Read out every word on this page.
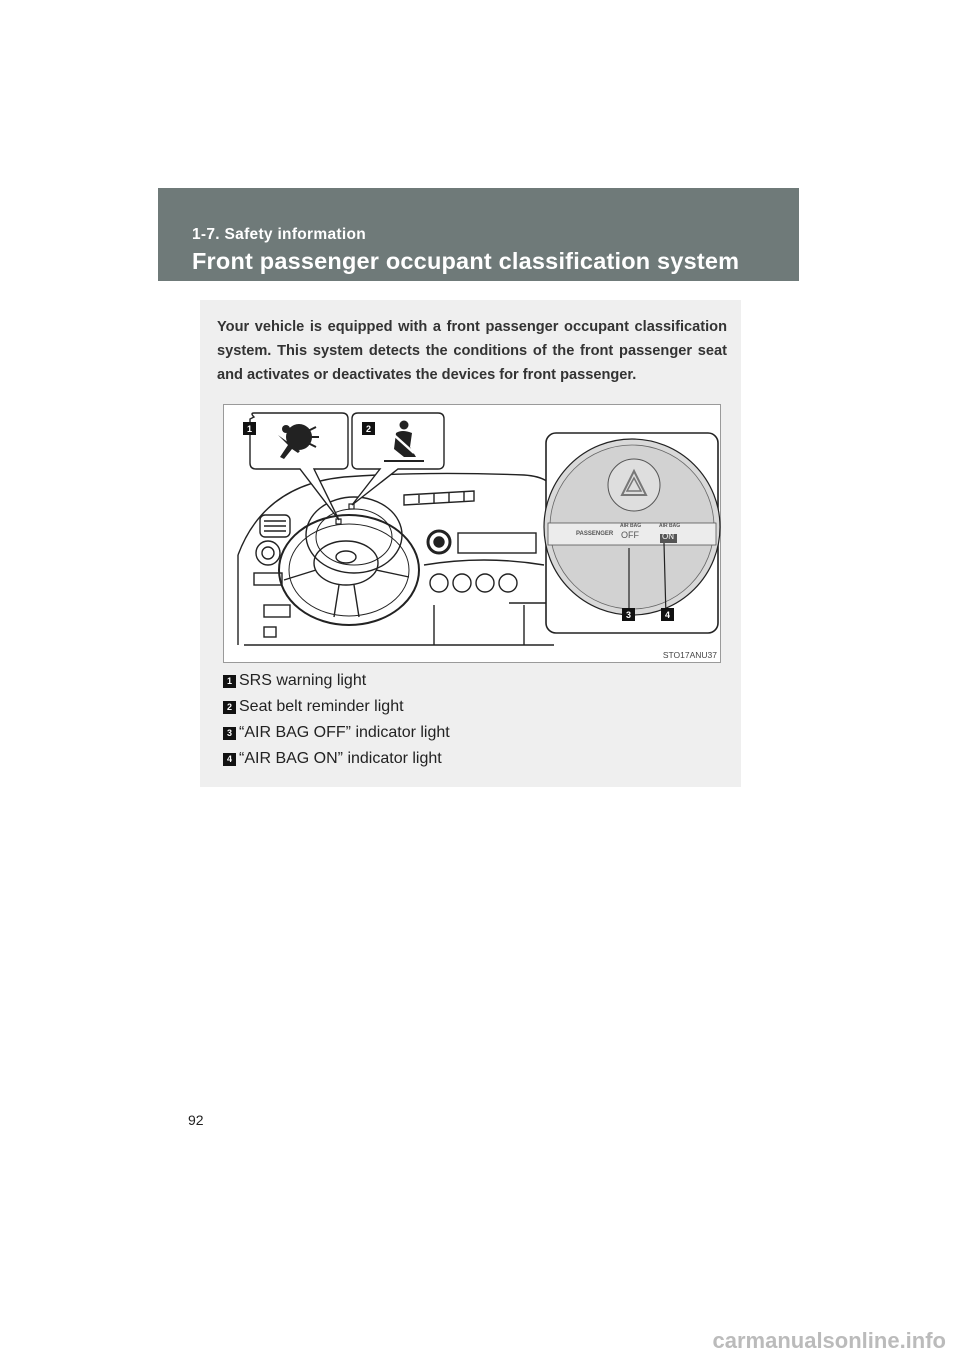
1-7. Safety information
Front passenger occupant classification system
Your vehicle is equipped with a front passenger occupant classification system. This system detects the conditions of the front passenger seat and activates or deactivates the devices for front passenger.
1	2
3	4
PASSENGER
AIR BAG
OFF
AIR BAG
ON
STO17ANU37
1 SRS warning light
2 Seat belt reminder light
3 “AIR BAG OFF” indicator light
4 “AIR BAG ON” indicator light
92
carmanualsonline.info
